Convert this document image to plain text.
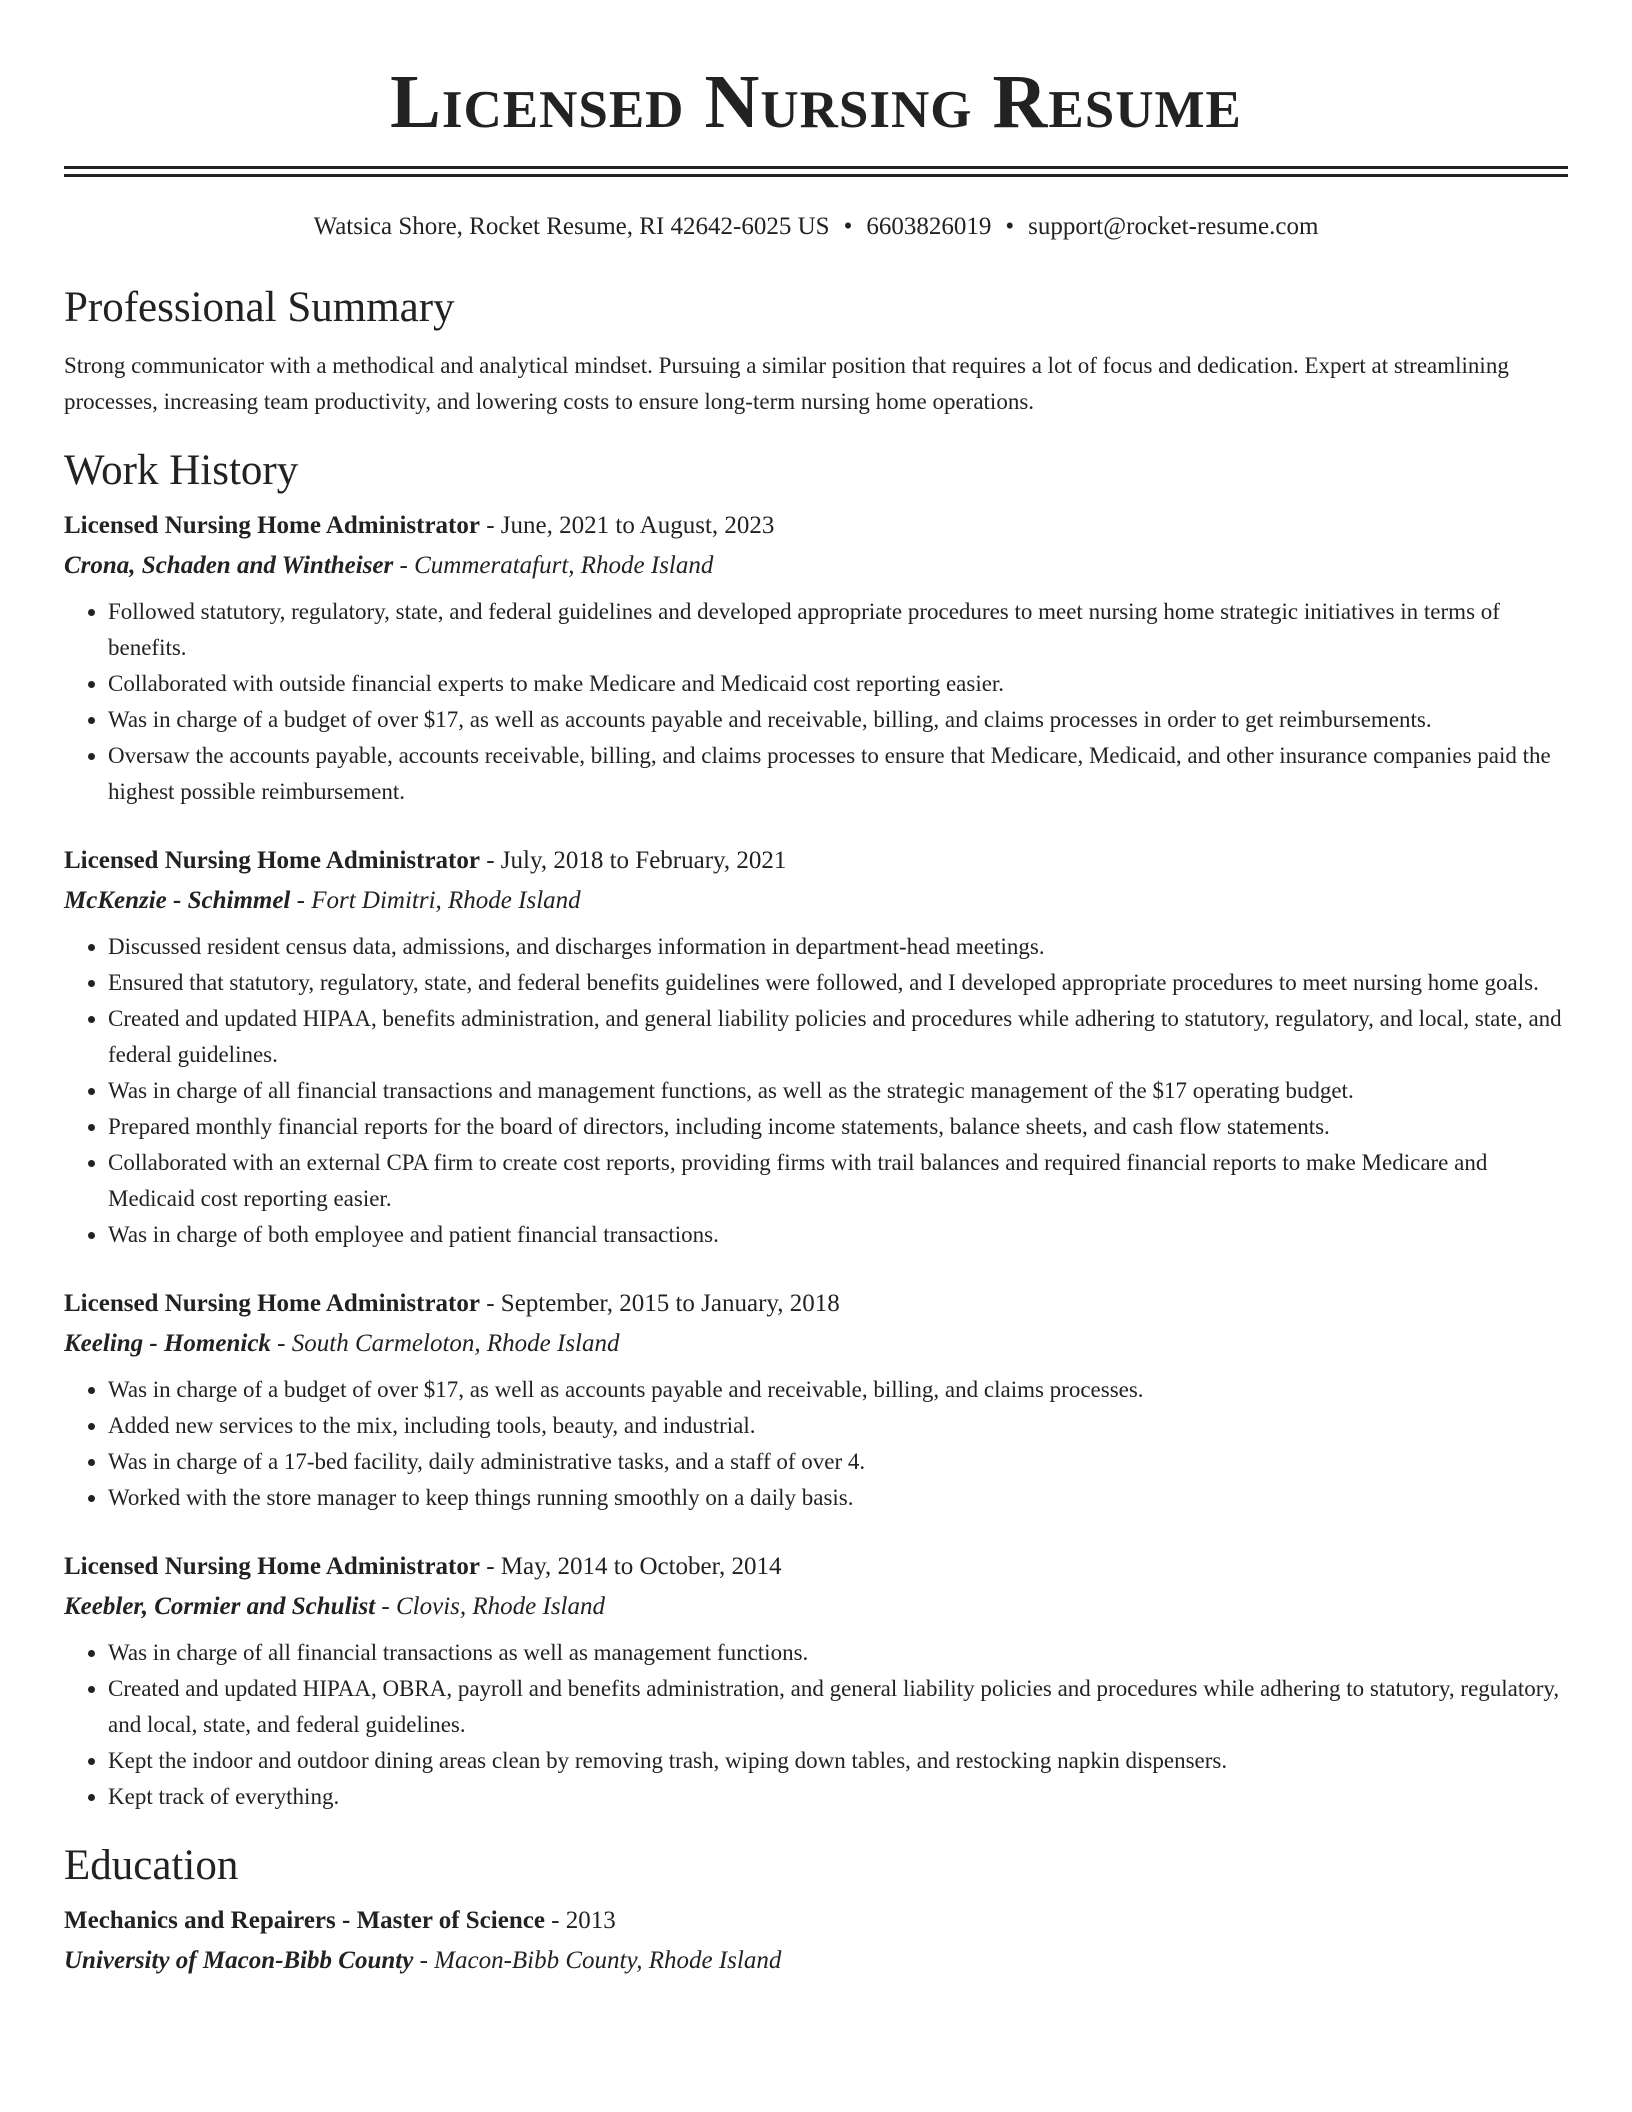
Licensed Nursing Resume
Watsica Shore, Rocket Resume, RI 42642-6025 US • 6603826019 • support@rocket-resume.com
Professional Summary

Strong communicator with a methodical and analytical mindset. Pursuing a similar position that requires a lot of focus and dedication. Expert at streamlining processes, increasing team productivity, and lowering costs to ensure long-term nursing home operations.

Work History

Licensed Nursing Home Administrator - June, 2021 to August, 2023

Crona, Schaden and Wintheiser - Cummeratafurt, Rhode Island

• Followed statutory, regulatory, state, and federal guidelines and developed appropriate procedures to meet nursing home strategic initiatives in terms of benefits.
• Collaborated with outside financial experts to make Medicare and Medicaid cost reporting easier.
• Was in charge of a budget of over $17, as well as accounts payable and receivable, billing, and claims processes in order to get reimbursements.
• Oversaw the accounts payable, accounts receivable, billing, and claims processes to ensure that Medicare, Medicaid, and other insurance companies paid the highest possible reimbursement.

Licensed Nursing Home Administrator - July, 2018 to February, 2021

McKenzie - Schimmel - Fort Dimitri, Rhode Island

• Discussed resident census data, admissions, and discharges information in department-head meetings.
• Ensured that statutory, regulatory, state, and federal benefits guidelines were followed, and I developed appropriate procedures to meet nursing home goals.
• Created and updated HIPAA, benefits administration, and general liability policies and procedures while adhering to statutory, regulatory, and local, state, and federal guidelines.
• Was in charge of all financial transactions and management functions, as well as the strategic management of the $17 operating budget.
• Prepared monthly financial reports for the board of directors, including income statements, balance sheets, and cash flow statements.
• Collaborated with an external CPA firm to create cost reports, providing firms with trail balances and required financial reports to make Medicare and Medicaid cost reporting easier.
• Was in charge of both employee and patient financial transactions.

Licensed Nursing Home Administrator - September, 2015 to January, 2018

Keeling - Homenick - South Carmeloton, Rhode Island

• Was in charge of a budget of over $17, as well as accounts payable and receivable, billing, and claims processes.
• Added new services to the mix, including tools, beauty, and industrial.
• Was in charge of a 17-bed facility, daily administrative tasks, and a staff of over 4.
• Worked with the store manager to keep things running smoothly on a daily basis.

Licensed Nursing Home Administrator - May, 2014 to October, 2014

Keebler, Cormier and Schulist - Clovis, Rhode Island

• Was in charge of all financial transactions as well as management functions.
• Created and updated HIPAA, OBRA, payroll and benefits administration, and general liability policies and procedures while adhering to statutory, regulatory, and local, state, and federal guidelines.
• Kept the indoor and outdoor dining areas clean by removing trash, wiping down tables, and restocking napkin dispensers.
• Kept track of everything.
Education

Mechanics and Repairers - Master of Science - 2013

University of Macon-Bibb County - Macon-Bibb County, Rhode Island
